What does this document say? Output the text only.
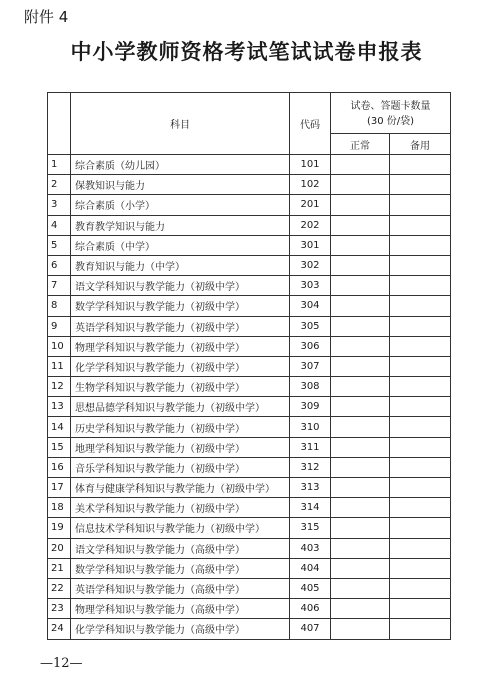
附件 4
中小学教师资格考试笔试试卷申报表
	科目	代码	试卷、答题卡数量
(30 份/袋)	

			正常	备用
1	综合素质（幼儿园）	101		
2	保教知识与能力	102		
3	综合素质（小学）	201		
4	教育教学知识与能力	202		
5	综合素质（中学）	301		
6	教育知识与能力（中学）	302		
7	语文学科知识与教学能力（初级中学）	303		
8	数学学科知识与教学能力（初级中学）	304		
9	英语学科知识与教学能力（初级中学）	305		
10	物理学科知识与教学能力（初级中学）	306		
11	化学学科知识与教学能力（初级中学）	307		
12	生物学科知识与教学能力（初级中学）	308		
13	思想品德学科知识与教学能力（初级中学）	309		
14	历史学科知识与教学能力（初级中学）	310		
15	地理学科知识与教学能力（初级中学）	311		
16	音乐学科知识与教学能力（初级中学）	312		
17	体育与健康学科知识与教学能力（初级中学）	313		
18	美术学科知识与教学能力（初级中学）	314		
19	信息技术学科知识与教学能力（初级中学）	315		
20	语文学科知识与教学能力（高级中学）	403		
21	数学学科知识与教学能力（高级中学）	404		
22	英语学科知识与教学能力（高级中学）	405		
23	物理学科知识与教学能力（高级中学）	406		
24	化学学科知识与教学能力（高级中学）	407		
—12—
